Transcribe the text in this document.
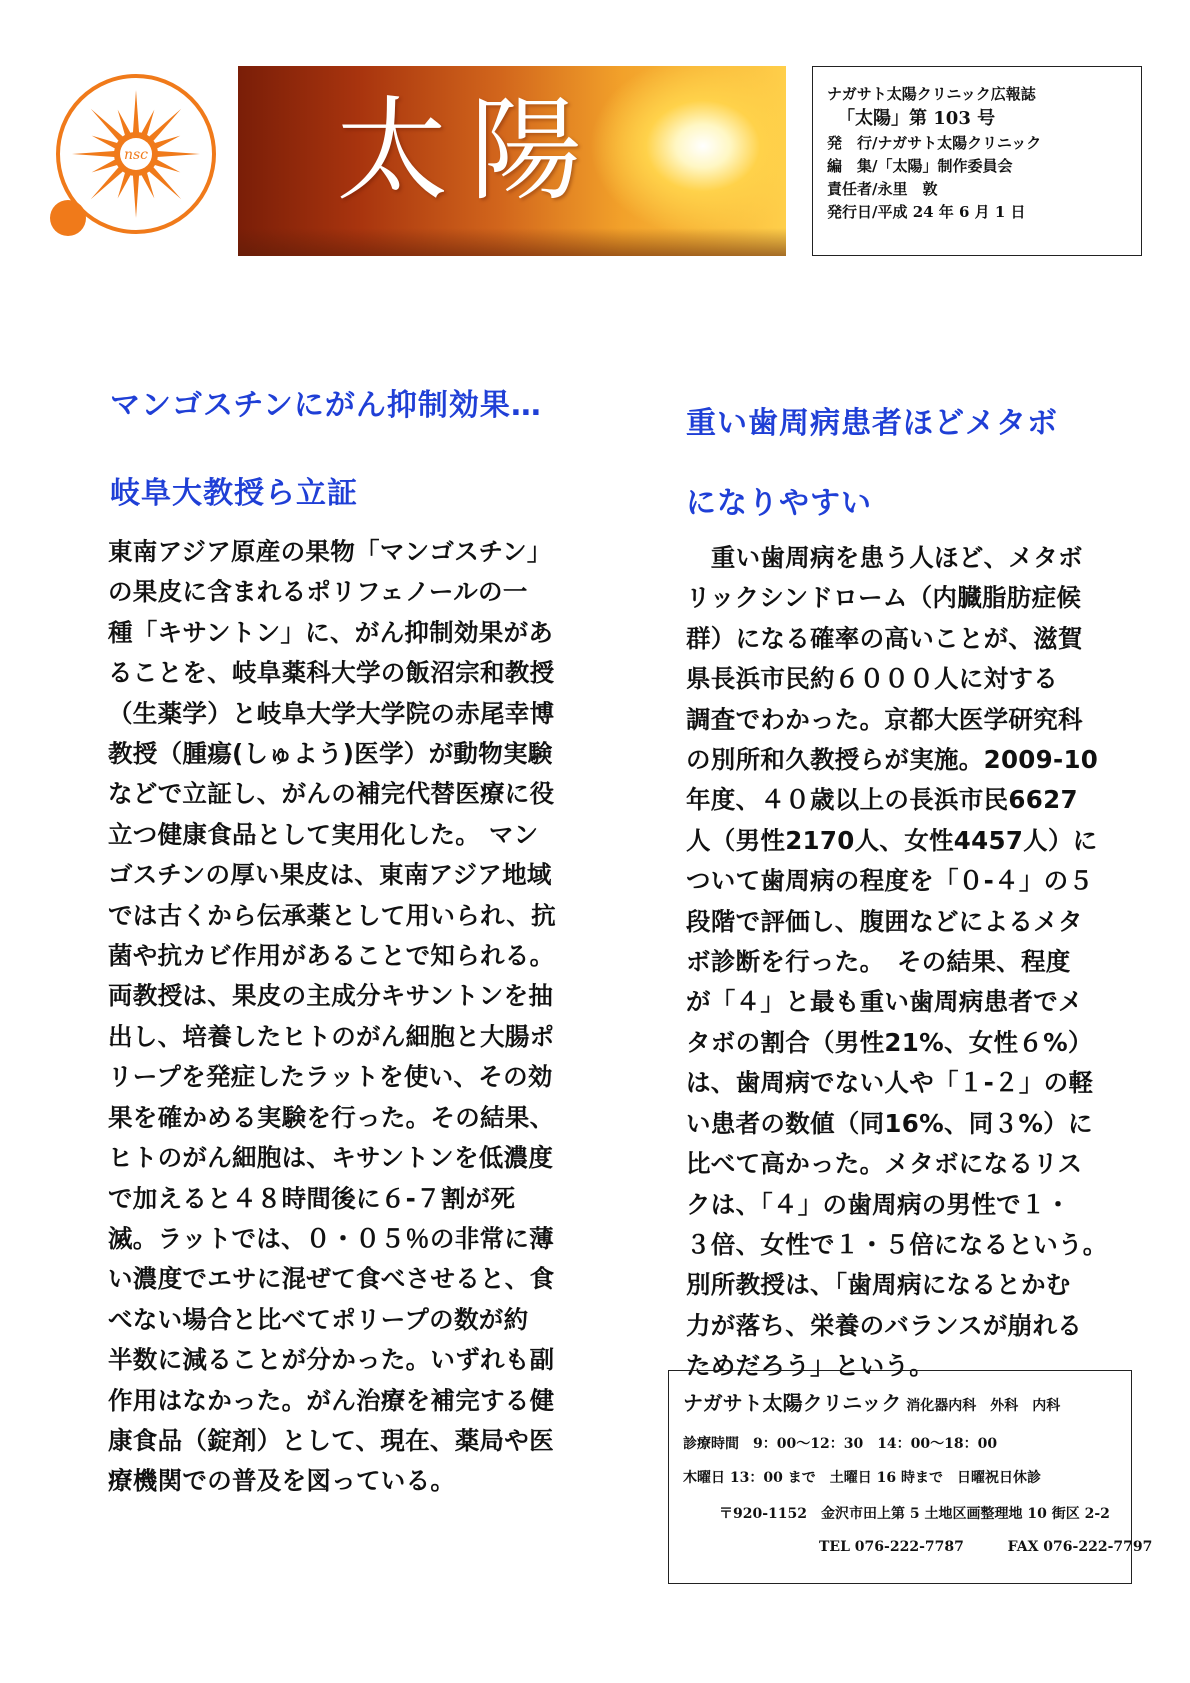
nsc 太陽	ナガサト太陽クリニック広報誌
「太陽」第 103 号
発　行/ナガサト太陽クリニック
編　集/「太陽」制作委員会
責任者/永里　敦
発行日/平成 24 年 6 月 1 日
マンゴスチンにがん抑制効果…
岐阜大教授ら立証
東南アジア原産の果物「マンゴスチン」
の果皮に含まれるポリフェノールの一
種「キサントン」に、がん抑制効果があ
ることを、岐阜薬科大学の飯沼宗和教授
（生薬学）と岐阜大学大学院の赤尾幸博
教授（腫瘍(しゅよう)医学）が動物実験
などで立証し、がんの補完代替医療に役
立つ健康食品として実用化した。 マン
ゴスチンの厚い果皮は、東南アジア地域
では古くから伝承薬として用いられ、抗
菌や抗カビ作用があることで知られる。
両教授は、果皮の主成分キサントンを抽
出し、培養したヒトのがん細胞と大腸ポ
リープを発症したラットを使い、その効
果を確かめる実験を行った。その結果、
ヒトのがん細胞は、キサントンを低濃度
で加えると４８時間後に６-７割が死
滅。ラットでは、０・０５％の非常に薄
い濃度でエサに混ぜて食べさせると、食
べない場合と比べてポリープの数が約
半数に減ることが分かった。いずれも副
作用はなかった。がん治療を補完する健
康食品（錠剤）として、現在、薬局や医
療機関での普及を図っている。
重い歯周病患者ほどメタボ
になりやすい
　重い歯周病を患う人ほど、メタボ
リックシンドローム（内臓脂肪症候
群）になる確率の高いことが、滋賀
県長浜市民約６０００人に対する
調査でわかった。京都大医学研究科
の別所和久教授らが実施。2009-10
年度、４０歳以上の長浜市民6627
人（男性2170人、女性4457人）に
ついて歯周病の程度を「０-４」の５
段階で評価し、腹囲などによるメタ
ボ診断を行った。　その結果、程度
が「４」と最も重い歯周病患者でメ
タボの割合（男性21%、女性６%）
は、歯周病でない人や「１-２」の軽
い患者の数値（同16%、同３%）に
比べて高かった。メタボになるリス
クは、「４」の歯周病の男性で１・
３倍、女性で１・５倍になるという。
別所教授は、「歯周病になるとかむ
力が落ち、栄養のバランスが崩れる
ためだろう」という。
ナガサト太陽クリニック 消化器内科　外科　内科
診療時間　9：00～12：30　14：00～18：00
木曜日 13：00 まで　土曜日 16 時まで　日曜祝日休診
〒920-1152　金沢市田上第 5 土地区画整理地 10 街区 2-2
TEL 076-222-7787	FAX 076-222-7797
